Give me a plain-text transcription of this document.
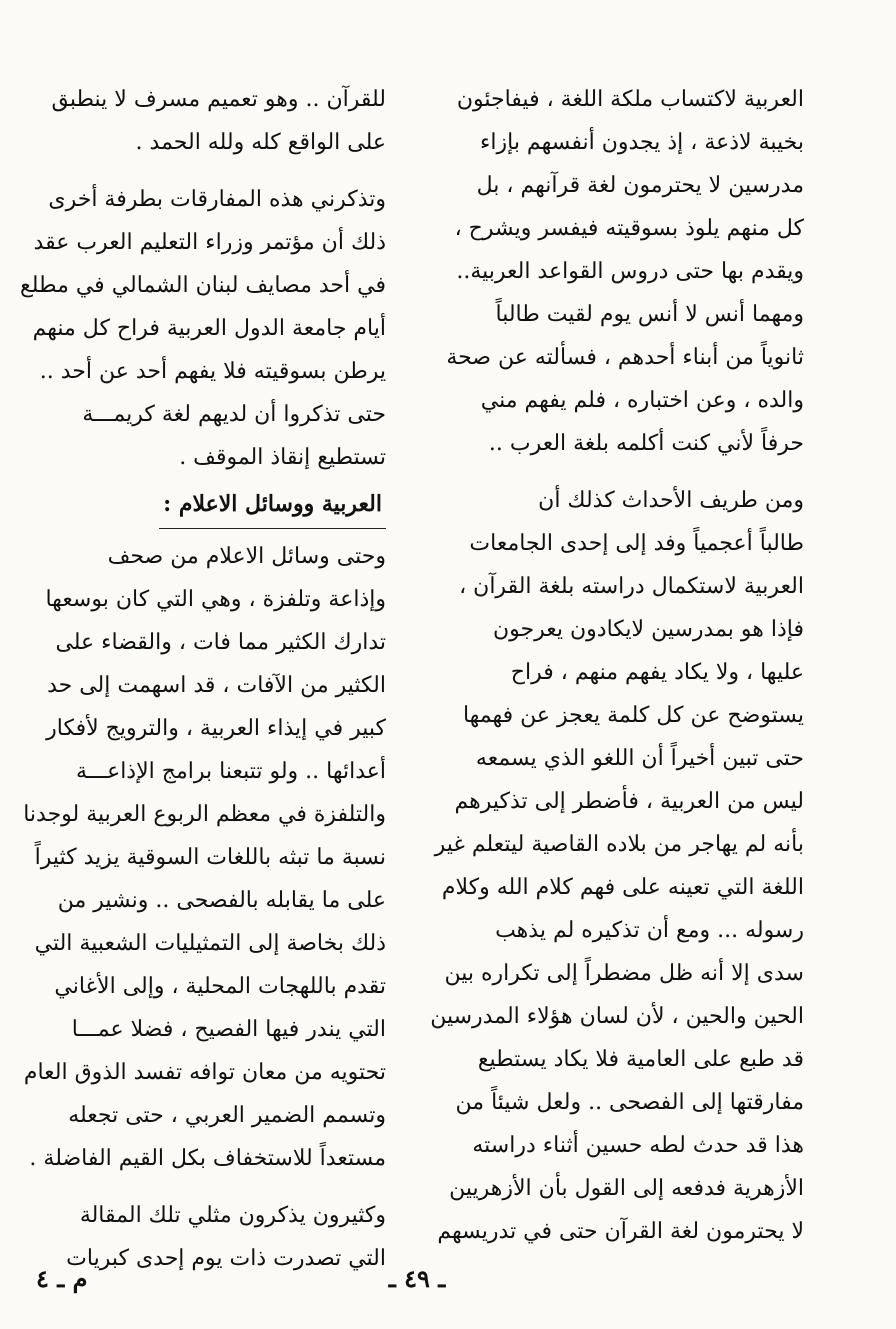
العربية لاكتساب ملكة اللغة ، فيفاجئون
بخيبة لاذعة ، إذ يجدون أنفسهم بإزاء
مدرسين لا يحترمون لغة قرآنهم ، بل
كل منهم يلوذ بسوقيته فيفسر ويشرح ،
ويقدم بها حتى دروس القواعد العربية..
ومهما أنس لا أنس يوم لقيت طالباً
ثانوياً من أبناء أحدهم ، فسألته عن صحة
والده ، وعن اختباره ، فلم يفهم مني
حرفاً لأني كنت أكلمه بلغة العرب ..
ومن طريف الأحداث كذلك أن
طالباً أعجمياً وفد إلى إحدى الجامعات
العربية لاستكمال دراسته بلغة القرآن ،
فإذا هو بمدرسين لايكادون يعرجون
عليها ، ولا يكاد يفهم منهم ، فراح
يستوضح عن كل كلمة يعجز عن فهمها
حتى تبين أخيراً أن اللغو الذي يسمعه
ليس من العربية ، فأضطر إلى تذكيرهم
بأنه لم يهاجر من بلاده القاصية ليتعلم غير
اللغة التي تعينه على فهم كلام الله وكلام
رسوله ... ومع أن تذكيره لم يذهب
سدى إلا أنه ظل مضطراً إلى تكراره بين
الحين والحين ، لأن لسان هؤلاء المدرسين
قد طبع على العامية فلا يكاد يستطيع
مفارقتها إلى الفصحى .. ولعل شيئاً من
هذا قد حدث لطه حسين أثناء دراسته
الأزهرية فدفعه إلى القول بأن الأزهريين
لا يحترمون لغة القرآن حتى في تدريسهم
للقرآن .. وهو تعميم مسرف لا ينطبق
على الواقع كله ولله الحمد .
وتذكرني هذه المفارقات بطرفة أخرى
ذلك أن مؤتمر وزراء التعليم العرب عقد
في أحد مصايف لبنان الشمالي في مطلع
أيام جامعة الدول العربية فراح كل منهم
يرطن بسوقيته فلا يفهم أحد عن أحد ..
حتى تذكروا أن لديهم لغة كريمـــة
تستطيع إنقاذ الموقف .
العربية ووسائل الاعلام :
وحتى وسائل الاعلام من صحف
وإذاعة وتلفزة ، وهي التي كان بوسعها
تدارك الكثير مما فات ، والقضاء على
الكثير من الآفات ، قد اسهمت إلى حد
كبير في إيذاء العربية ، والترويج لأفكار
أعدائها .. ولو تتبعنا برامج الإذاعـــة
والتلفزة في معظم الربوع العربية لوجدنا
نسبة ما تبثه باللغات السوقية يزيد كثيراً
على ما يقابله بالفصحى .. ونشير من
ذلك بخاصة إلى التمثيليات الشعبية التي
تقدم باللهجات المحلية ، وإلى الأغاني
التي يندر فيها الفصيح ، فضلا عمـــا
تحتويه من معان توافه تفسد الذوق العام
وتسمم الضمير العربي ، حتى تجعله
مستعداً للاستخفاف بكل القيم الفاضلة .
وكثيرون يذكرون مثلي تلك المقالة
التي تصدرت ذات يوم إحدى كبريات
م ـ ٤	ـ ٤٩ ـ
